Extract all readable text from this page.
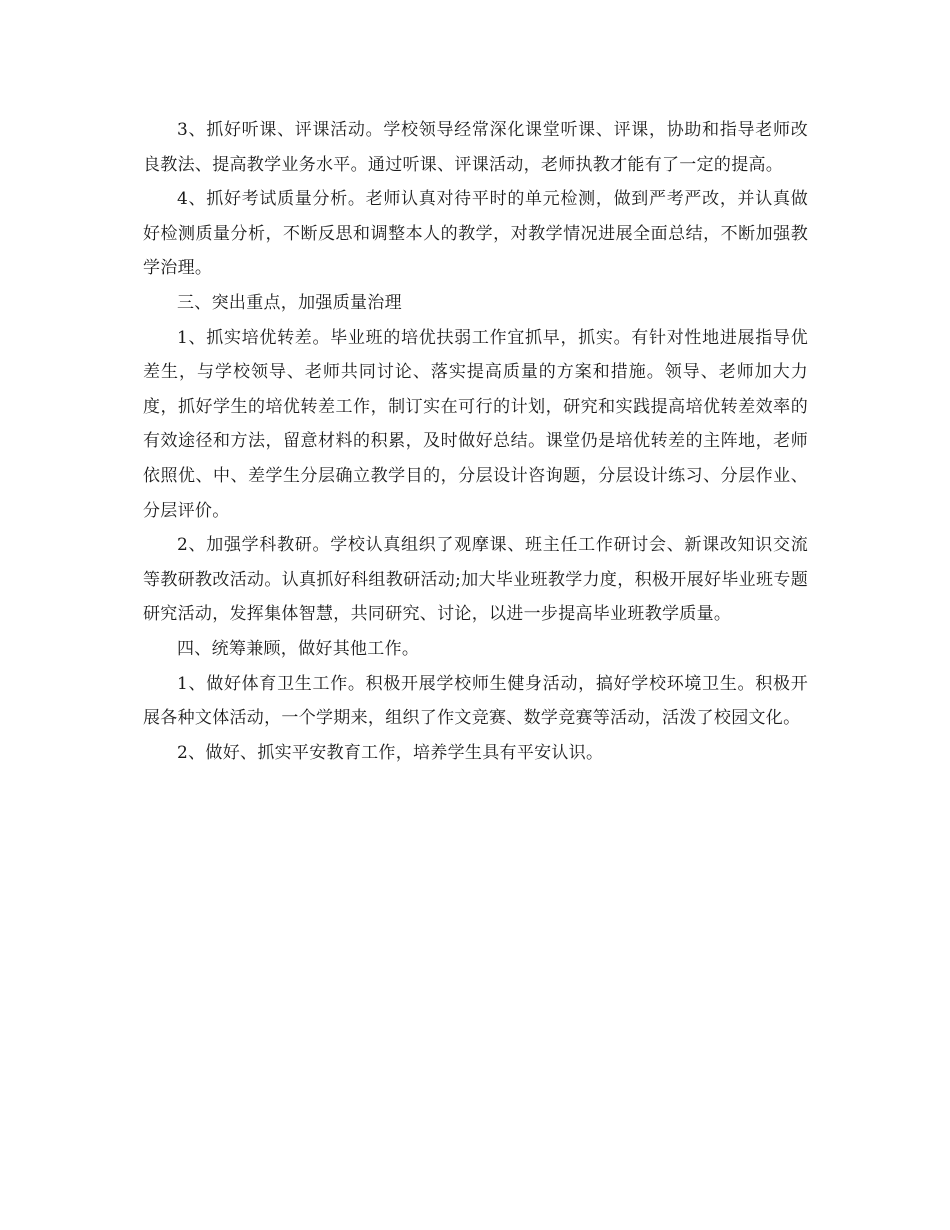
3、抓好听课、评课活动。学校领导经常深化课堂听课、评课，协助和指导老师改良教法、提高教学业务水平。通过听课、评课活动，老师执教才能有了一定的提高。

4、抓好考试质量分析。老师认真对待平时的单元检测，做到严考严改，并认真做好检测质量分析，不断反思和调整本人的教学，对教学情况进展全面总结，不断加强教学治理。

三、突出重点，加强质量治理

1、抓实培优转差。毕业班的培优扶弱工作宜抓早，抓实。有针对性地进展指导优差生，与学校领导、老师共同讨论、落实提高质量的方案和措施。领导、老师加大力度，抓好学生的培优转差工作，制订实在可行的计划，研究和实践提高培优转差效率的有效途径和方法，留意材料的积累，及时做好总结。课堂仍是培优转差的主阵地，老师依照优、中、差学生分层确立教学目的，分层设计咨询题，分层设计练习、分层作业、分层评价。

2、加强学科教研。学校认真组织了观摩课、班主任工作研讨会、新课改知识交流等教研教改活动。认真抓好科组教研活动;加大毕业班教学力度，积极开展好毕业班专题研究活动，发挥集体智慧，共同研究、讨论，以进一步提高毕业班教学质量。

四、统筹兼顾，做好其他工作。

1、做好体育卫生工作。积极开展学校师生健身活动，搞好学校环境卫生。积极开展各种文体活动，一个学期来，组织了作文竞赛、数学竞赛等活动，活泼了校园文化。

2、做好、抓实平安教育工作，培养学生具有平安认识。
